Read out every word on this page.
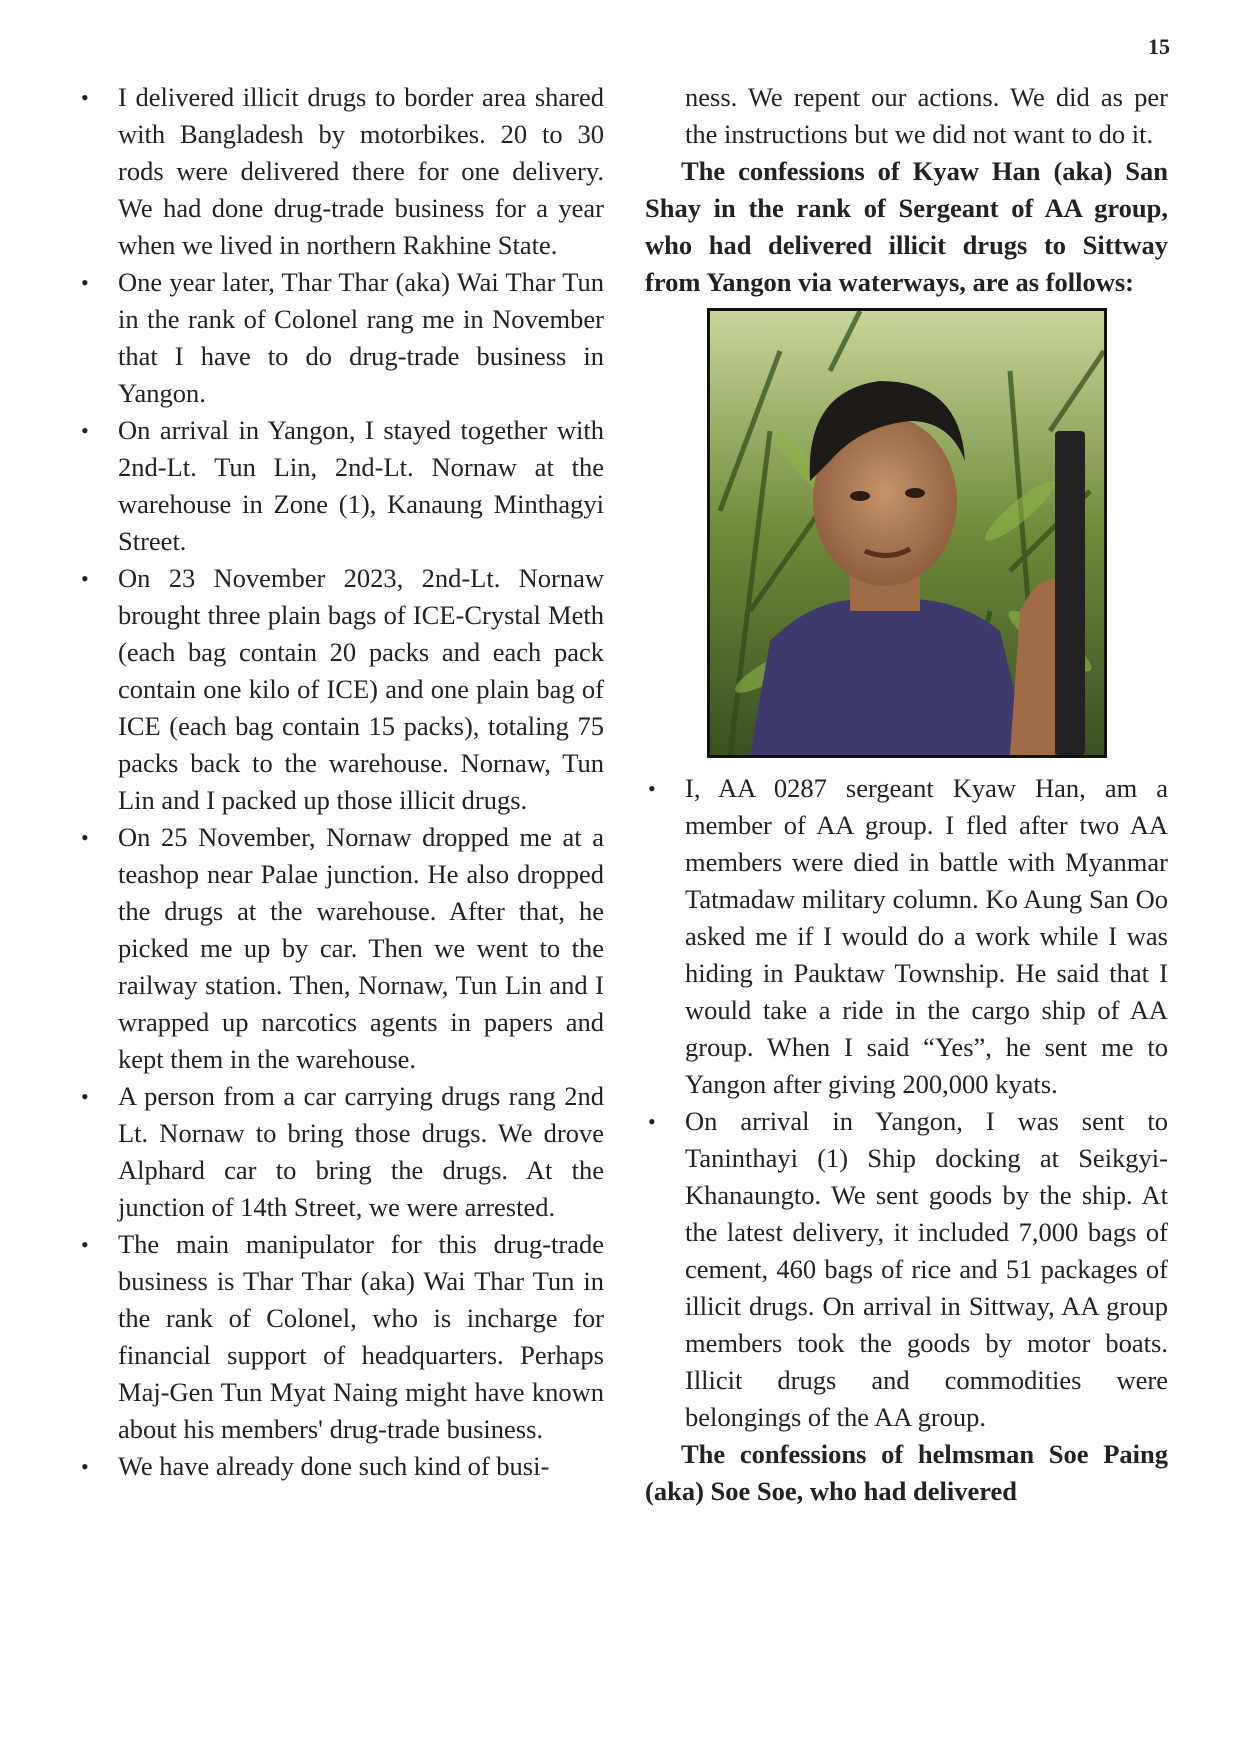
15
• I delivered illicit drugs to border area shared with Bangladesh by motorbikes. 20 to 30 rods were delivered there for one delivery. We had done drug-trade business for a year when we lived in northern Rakhine State.
• One year later, Thar Thar (aka) Wai Thar Tun in the rank of Colonel rang me in November that I have to do drug-trade business in Yangon.
• On arrival in Yangon, I stayed together with 2nd-Lt. Tun Lin, 2nd-Lt. Nornaw at the warehouse in Zone (1), Kanaung Minthagyi Street.
• On 23 November 2023, 2nd-Lt. Nornaw brought three plain bags of ICE-Crystal Meth (each bag contain 20 packs and each pack contain one kilo of ICE) and one plain bag of ICE (each bag contain 15 packs), totaling 75 packs back to the warehouse. Nornaw, Tun Lin and I packed up those illicit drugs.
• On 25 November, Nornaw dropped me at a teashop near Palae junction. He also dropped the drugs at the warehouse. After that, he picked me up by car. Then we went to the railway station. Then, Nornaw, Tun Lin and I wrapped up narcotics agents in papers and kept them in the warehouse.
• A person from a car carrying drugs rang 2nd Lt. Nornaw to bring those drugs. We drove Alphard car to bring the drugs. At the junction of 14th Street, we were arrested.
• The main manipulator for this drug-trade business is Thar Thar (aka) Wai Thar Tun in the rank of Colonel, who is incharge for financial support of headquarters. Perhaps Maj-Gen Tun Myat Naing might have known about his members' drug-trade business.
• We have already done such kind of busi-

ness. We repent our actions. We did as per the instructions but we did not want to do it.

The confessions of Kyaw Han (aka) San Shay in the rank of Sergeant of AA group, who had delivered illicit drugs to Sittway from Yangon via waterways, are as follows:

• I, AA 0287 sergeant Kyaw Han, am a member of AA group. I fled after two AA members were died in battle with Myanmar Tatmadaw military column. Ko Aung San Oo asked me if I would do a work while I was hiding in Pauktaw Township. He said that I would take a ride in the cargo ship of AA group. When I said “Yes”, he sent me to Yangon after giving 200,000 kyats.
• On arrival in Yangon, I was sent to Taninthayi (1) Ship docking at Seikgyi-Khanaungto. We sent goods by the ship. At the latest delivery, it included 7,000 bags of cement, 460 bags of rice and 51 packages of illicit drugs. On arrival in Sittway, AA group members took the goods by motor boats. Illicit drugs and commodities were belongings of the AA group.

The confessions of helmsman Soe Paing (aka) Soe Soe, who had delivered
